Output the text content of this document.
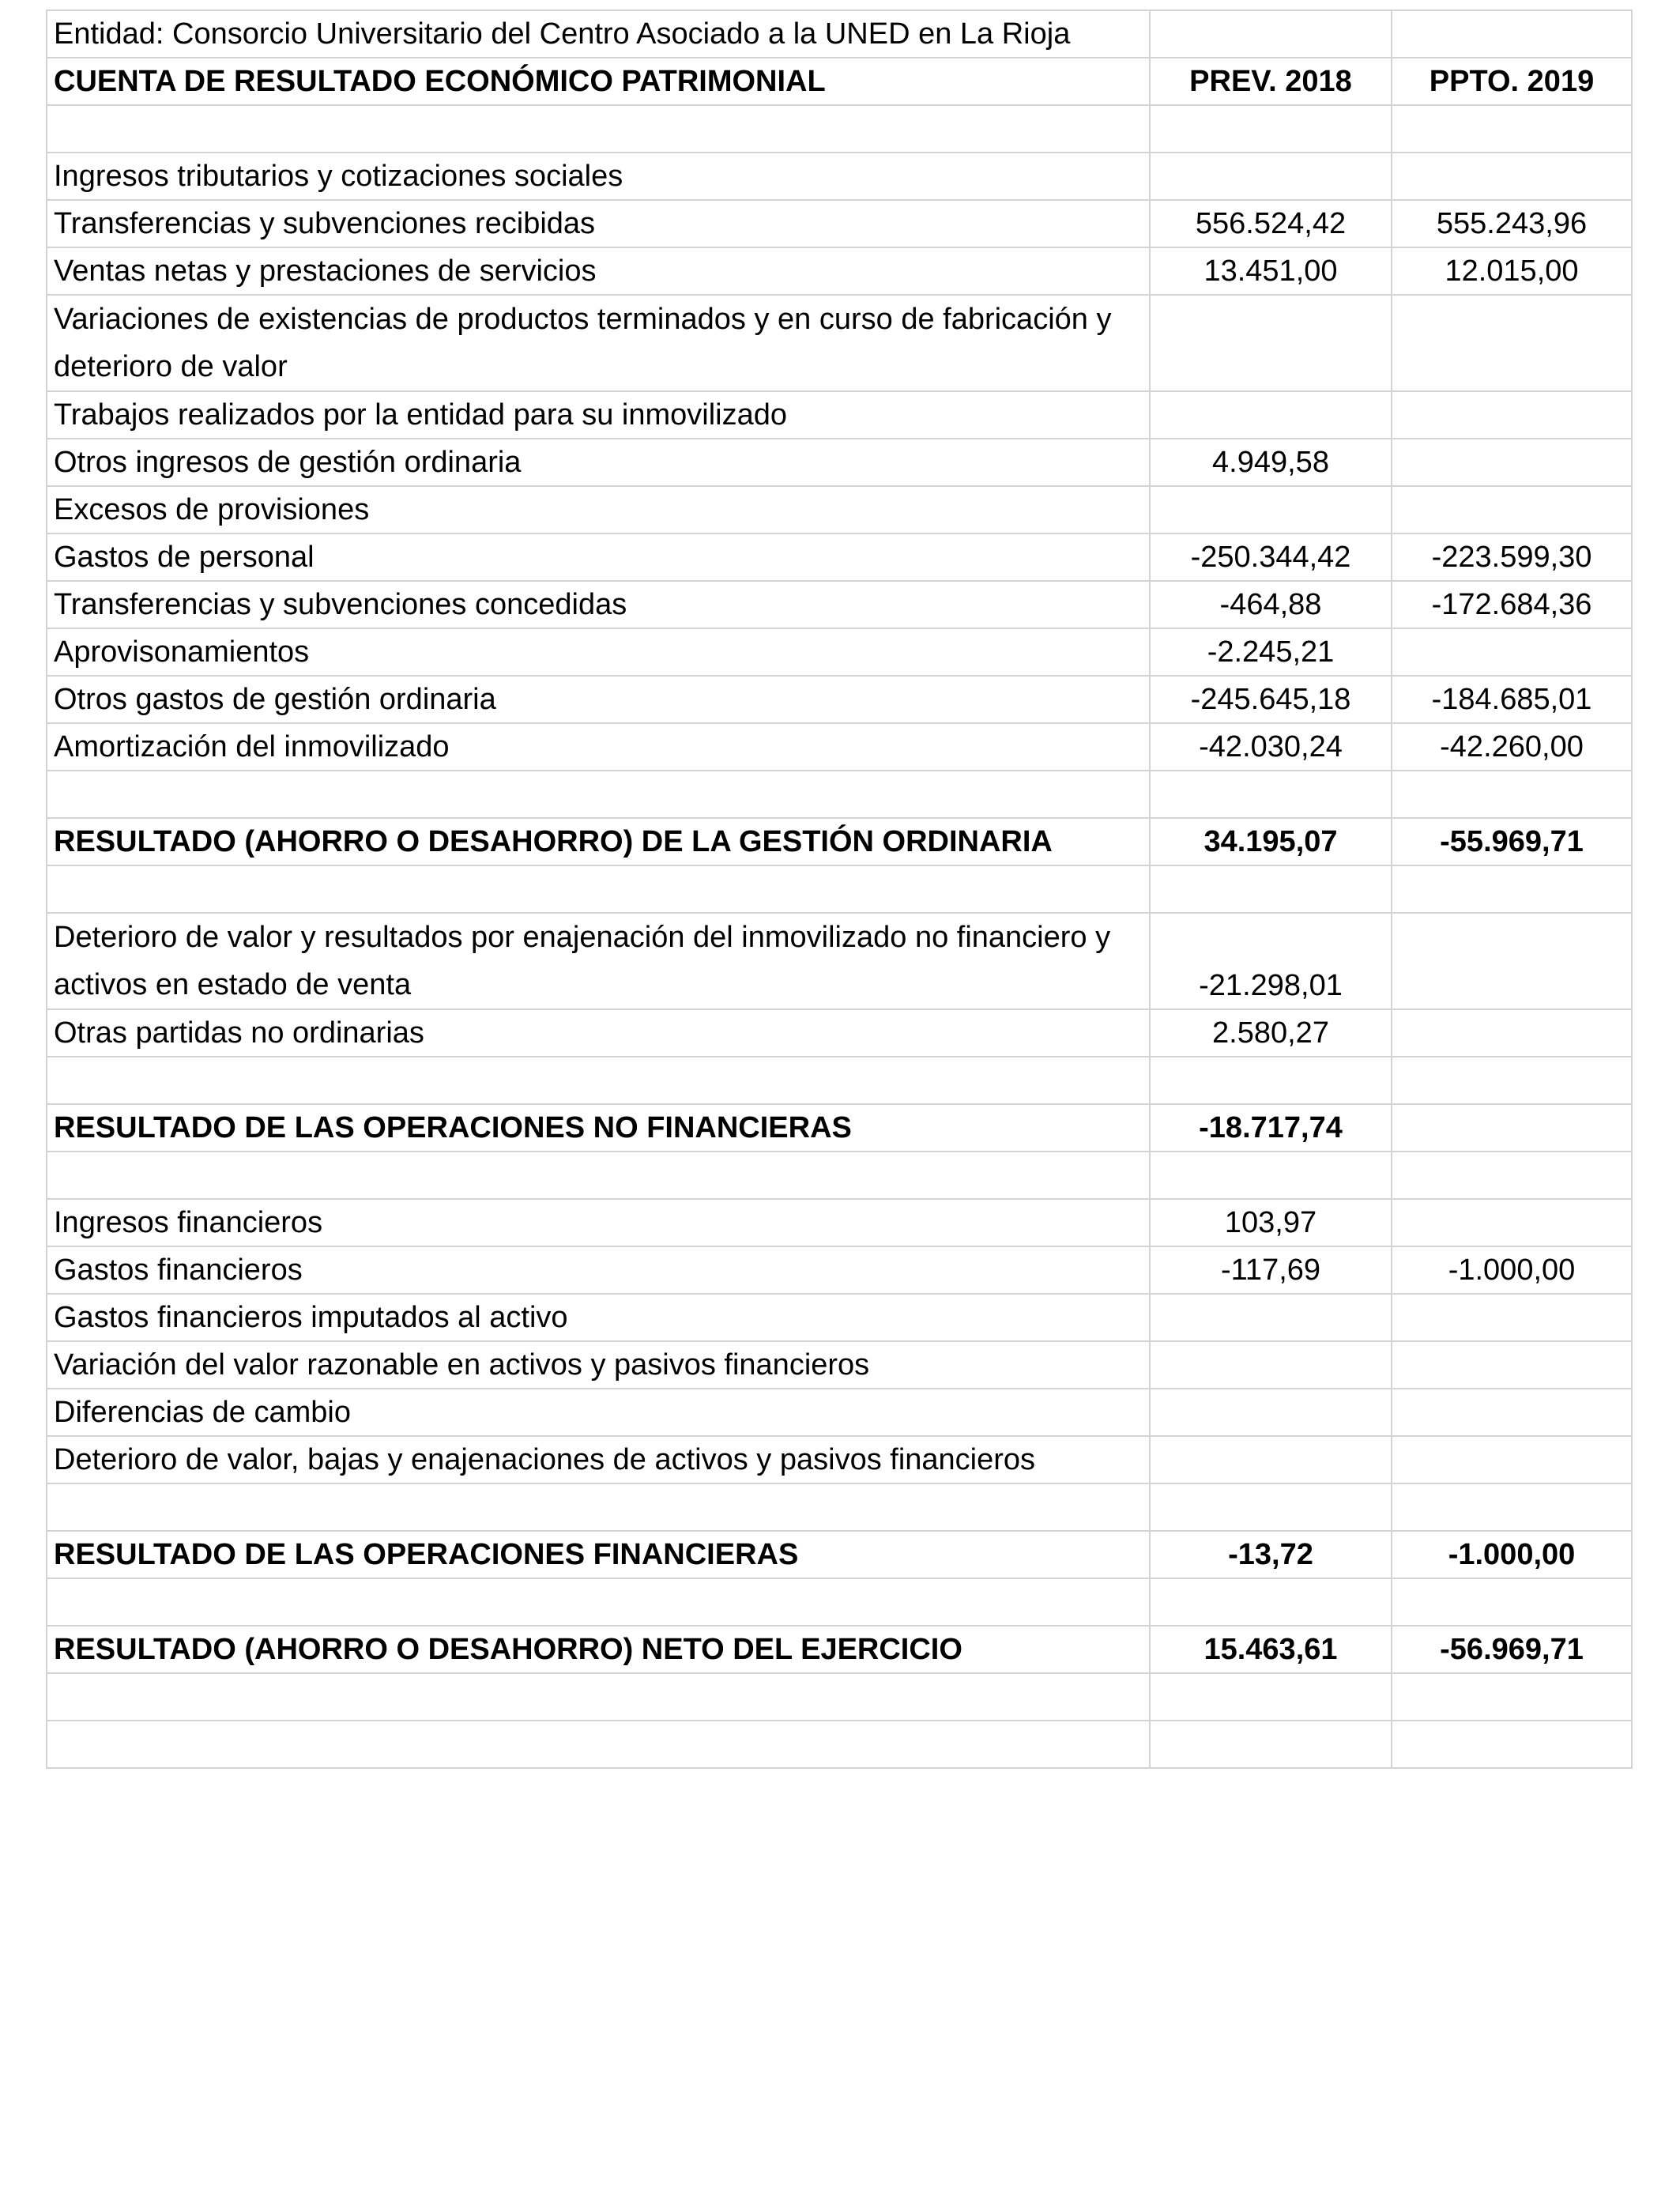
Entidad: Consorcio Universitario del Centro Asociado a la UNED en La Rioja		
CUENTA DE RESULTADO ECONÓMICO PATRIMONIAL	PREV. 2018	PPTO. 2019

Ingresos tributarios y cotizaciones sociales		
Transferencias y subvenciones recibidas	556.524,42	555.243,96
Ventas netas y prestaciones de servicios	13.451,00	12.015,00
Variaciones de existencias de productos terminados y en curso de fabricación y deterioro de valor		
Trabajos realizados por la entidad para su inmovilizado		
Otros ingresos de gestión ordinaria	4.949,58	
Excesos de provisiones		
Gastos de personal	-250.344,42	-223.599,30
Transferencias y subvenciones concedidas	-464,88	-172.684,36
Aprovisonamientos	-2.245,21	
Otros gastos de gestión ordinaria	-245.645,18	-184.685,01
Amortización del inmovilizado	-42.030,24	-42.260,00

RESULTADO (AHORRO O DESAHORRO) DE LA GESTIÓN ORDINARIA	34.195,07	-55.969,71

Deterioro de valor y resultados por enajenación del inmovilizado no financiero y activos en estado de venta	-21.298,01	
Otras partidas no ordinarias	2.580,27	

RESULTADO DE LAS OPERACIONES NO FINANCIERAS	-18.717,74	

Ingresos financieros	103,97	
Gastos financieros	-117,69	-1.000,00
Gastos financieros imputados al activo		
Variación del valor razonable en activos y pasivos financieros		
Diferencias de cambio		
Deterioro de valor, bajas y enajenaciones de activos y pasivos financieros		

RESULTADO DE LAS OPERACIONES FINANCIERAS	-13,72	-1.000,00

RESULTADO (AHORRO O DESAHORRO) NETO DEL EJERCICIO	15.463,61	-56.969,71
